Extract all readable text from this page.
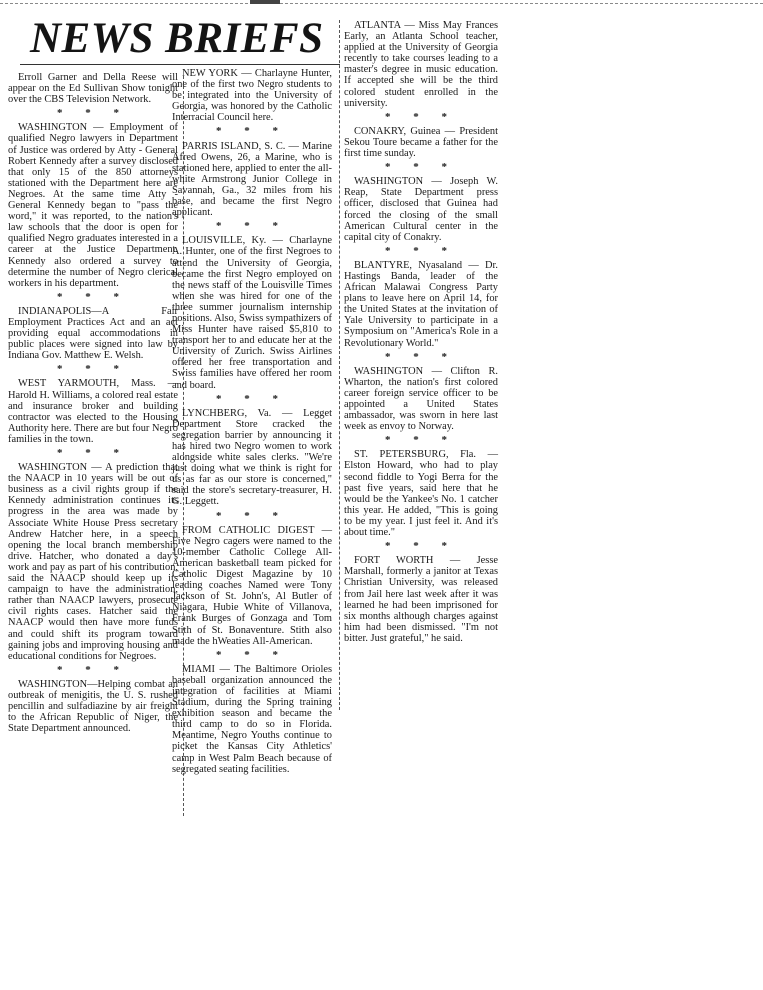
NEWS BRIEFS

Erroll Garner and Della Reese will appear on the Ed Sullivan Show tonight over the CBS Television Network.

* * *

WASHINGTON — Employment of qualified Negro lawyers in Department of Justice was ordered by Atty - General Robert Kennedy after a survey disclosed that only 15 of the 850 attorneys stationed with the Department here are Negroes. At the same time Atty - General Kennedy began to "pass the word," it was reported, to the nation's law schools that the door is open for qualified Negro graduates interested in a career at the Justice Department. Kennedy also ordered a survey to determine the number of Negro clerical workers in his department.

* * *

INDIANAPOLIS—A Fair Employment Practices Act and an act providing equal accommodations in public places were signed into law by Indiana Gov. Matthew E. Welsh.

* * *

WEST YARMOUTH, Mass. — Harold H. Williams, a colored real estate and insurance broker and building contractor was elected to the Housing Authority here. There are but four Negro families in the town.

* * *

WASHINGTON — A prediction that the NAACP in 10 years will be out of business as a civil rights group if the Kennedy administration continues its progress in the area was made by Associate White House Press secretary Andrew Hatcher here, in a speech opening the local branch membership drive. Hatcher, who donated a day's work and pay as part of his contribution, said the NAACP should keep up its campaign to have the administration, rather than NAACP lawyers, prosecute civil rights cases. Hatcher said the NAACP would then have more funds and could shift its program toward gaining jobs and improving housing and educational conditions for Negroes.

* * *

WASHINGTON—Helping combat an outbreak of menigitis, the U. S. rushed pencillin and sulfadiazine by air freight to the African Republic of Niger, the State Department announced.

NEW YORK — Charlayne Hunter, one of the first two Negro students to be integrated into the University of Georgia, was honored by the Catholic Interracial Council here.

* * *

PARRIS ISLAND, S. C. — Marine Afred Owens, 26, a Marine, who is stationed here, applied to enter the all-white Armstrong Junior College in Savannah, Ga., 32 miles from his base, and became the first Negro applicant.

* * *

LOUISVILLE, Ky. — Charlayne A. Hunter, one of the first Negroes to attend the University of Georgia, became the first Negro employed on the news staff of the Louisville Times when she was hired for one of the three summer journalism internship positions. Also, Swiss sympathizers of Miss Hunter have raised $5,810 to transport her to and educate her at the University of Zurich. Swiss Airlines offered her free transportation and Swiss families have offered her room and board.

* * *

LYNCHBERG, Va. — Legget Department Store cracked the segregation barrier by announcing it has hired two Negro women to work alongside white sales clerks. "We're just doing what we think is right for us as far as our store is concerned," said the store's secretary-treasurer, H. G. Leggett.

* * *

FROM CATHOLIC DIGEST — Five Negro cagers were named to the 10-member Catholic College All-American basketball team picked for Catholic Digest Magazine by 10 leading coaches Named were Tony Jackson of St. John's, Al Butler of Niagara, Hubie White of Villanova, Frank Burges of Gonzaga and Tom Stith of St. Bonaventure. Stith also made the hWeaties All-American.

* * *

MIAMI — The Baltimore Orioles baseball organization announced the integration of facilities at Miami Stadium, during the Spring training exhibition season and became the third camp to do so in Florida. Meantime, Negro Youths continue to picket the Kansas City Athletics' camp in West Palm Beach because of segregated seating facilities.

ATLANTA — Miss May Frances Early, an Atlanta School teacher, applied at the University of Georgia recently to take courses leading to a master's degree in music education. If accepted she will be the third colored student enrolled in the university.

* * *

CONAKRY, Guinea — President Sekou Toure became a father for the first time sunday.

* * *

WASHINGTON — Joseph W. Reap, State Department press officer, disclosed that Guinea had forced the closing of the small American Cultural center in the capital city of Conakry.

* * *

BLANTYRE, Nyasaland — Dr. Hastings Banda, leader of the African Malawai Congress Party plans to leave here on April 14, for the United States at the invitation of Yale University to participate in a Symposium on "America's Role in a Revolutionary World."

* * *

WASHINGTON — Clifton R. Wharton, the nation's first colored career foreign service officer to be appointed a United States ambassador, was sworn in here last week as envoy to Norway.

* * *

ST. PETERSBURG, Fla. — Elston Howard, who had to play second fiddle to Yogi Berra for the past five years, said here that he would be the Yankee's No. 1 catcher this year. He added, "This is going to be my year. I just feel it. And it's about time."

* * *

FORT WORTH — Jesse Marshall, formerly a janitor at Texas Christian University, was released from Jail here last week after it was learned he had been imprisoned for six months although charges against him had been dismissed. "I'm not bitter. Just grateful," he said.
